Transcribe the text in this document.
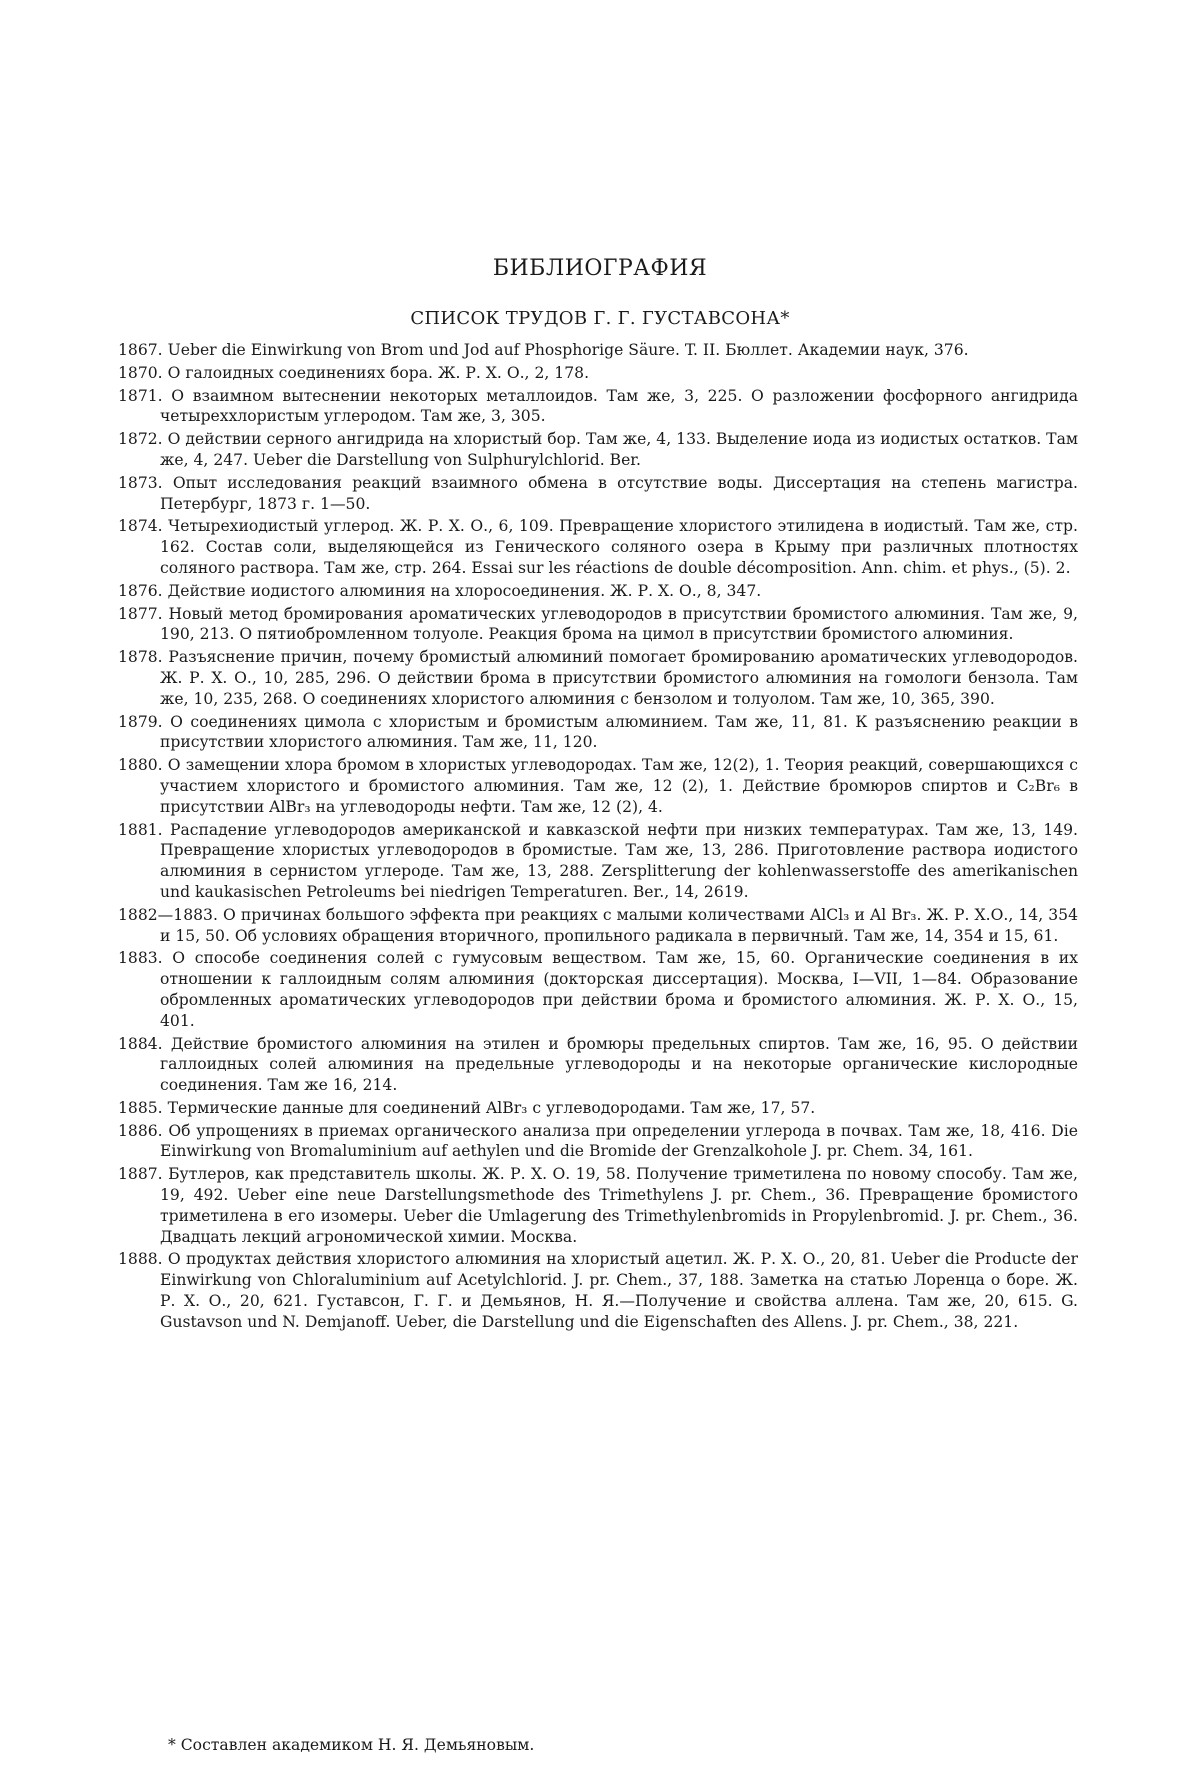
БИБЛИОГРАФИЯ
СПИСОК ТРУДОВ Г. Г. ГУСТАВСОНА*

1867. Ueber die Einwirkung von Brom und Jod auf Phosphorige Säure. T. II. Бюллет. Академии наук, 376.

1870. О галоидных соединениях бора. Ж. Р. Х. О., 2, 178.

1871. О взаимном вытеснении некоторых металлоидов. Там же, 3, 225. О разложении фосфорного ангидрида четыреххлористым углеродом. Там же, 3, 305.

1872. О действии серного ангидрида на хлористый бор. Там же, 4, 133. Выделение иода из иодистых остатков. Там же, 4, 247. Ueber die Darstellung von Sulphurylchlorid. Ber.

1873. Опыт исследования реакций взаимного обмена в отсутствие воды. Диссертация на степень магистра. Петербург, 1873 г. 1—50.

1874. Четырехиодистый углерод. Ж. Р. Х. О., 6, 109. Превращение хлористого этилидена в иодистый. Там же, стр. 162. Состав соли, выделяющейся из Генического соляного озера в Крыму при различных плотностях соляного раствора. Там же, стр. 264. Essai sur les réactions de double décomposition. Ann. chim. et phys., (5). 2.

1876. Действие иодистого алюминия на хлоросоединения. Ж. Р. Х. О., 8, 347.

1877. Новый метод бромирования ароматических углеводородов в присутствии бромистого алюминия. Там же, 9, 190, 213. О пятиобромленном толуоле. Реакция брома на цимол в присутствии бромистого алюминия.

1878. Разъяснение причин, почему бромистый алюминий помогает бромированию ароматических углеводородов. Ж. Р. Х. О., 10, 285, 296. О действии брома в присутствии бромистого алюминия на гомологи бензола. Там же, 10, 235, 268. О соединениях хлористого алюминия с бензолом и толуолом. Там же, 10, 365, 390.

1879. О соединениях цимола с хлористым и бромистым алюминием. Там же, 11, 81. К разъяснению реакции в присутствии хлористого алюминия. Там же, 11, 120.

1880. О замещении хлора бромом в хлористых углеводородах. Там же, 12(2), 1. Теория реакций, совершающихся с участием хлористого и бромистого алюминия. Там же, 12 (2), 1. Действие бромюров спиртов и C₂Br₆ в присутствии AlBr₃ на углеводороды нефти. Там же, 12 (2), 4.

1881. Распадение углеводородов американской и кавказской нефти при низких температурах. Там же, 13, 149. Превращение хлористых углеводородов в бромистые. Там же, 13, 286. Приготовление раствора иодистого алюминия в сернистом углероде. Там же, 13, 288. Zersplitterung der kohlenwasserstoffe des amerikanischen und kaukasischen Petroleums bei niedrigen Temperaturen. Ber., 14, 2619.

1882—1883. О причинах большого эффекта при реакциях с малыми количествами AlCl₃ и Al Br₃. Ж. Р. Х.О., 14, 354 и 15, 50. Об условиях обращения вторичного, пропильного радикала в первичный. Там же, 14, 354 и 15, 61.

1883. О способе соединения солей с гумусовым веществом. Там же, 15, 60. Органические соединения в их отношении к галлоидным солям алюминия (докторская диссертация). Москва, I—VII, 1—84. Образование обромленных ароматических углеводородов при действии брома и бромистого алюминия. Ж. Р. Х. О., 15, 401.

1884. Действие бромистого алюминия на этилен и бромюры предельных спиртов. Там же, 16, 95. О действии галлоидных солей алюминия на предельные углеводороды и на некоторые органические кислородные соединения. Там же 16, 214.

1885. Термические данные для соединений AlBr₃ с углеводородами. Там же, 17, 57.

1886. Об упрощениях в приемах органического анализа при определении углерода в почвах. Там же, 18, 416. Die Einwirkung von Bromaluminium auf aethylen und die Bromide der Grenzalkohole J. pr. Chem. 34, 161.

1887. Бутлеров, как представитель школы. Ж. Р. Х. О. 19, 58. Получение триметилена по новому способу. Там же, 19, 492. Ueber eine neue Darstellungsmethode des Trimethylens J. pr. Chem., 36. Превращение бромистого триметилена в его изомеры. Ueber die Umlagerung des Trimethylenbromids in Propylenbromid. J. pr. Chem., 36. Двадцать лекций агрономической химии. Москва.

1888. О продуктах действия хлористого алюминия на хлористый ацетил. Ж. Р. Х. О., 20, 81. Ueber die Producte der Einwirkung von Chloraluminium auf Acetylchlorid. J. pr. Chem., 37, 188. Заметка на статью Лоренца о боре. Ж. Р. Х. О., 20, 621. Густавсон, Г. Г. и Демьянов, Н. Я.—Получение и свойства аллена. Там же, 20, 615. G. Gustavson und N. Demjanoff. Ueber, die Darstellung und die Eigenschaften des Allens. J. pr. Chem., 38, 221.

* Составлен академиком Н. Я. Демьяновым.
